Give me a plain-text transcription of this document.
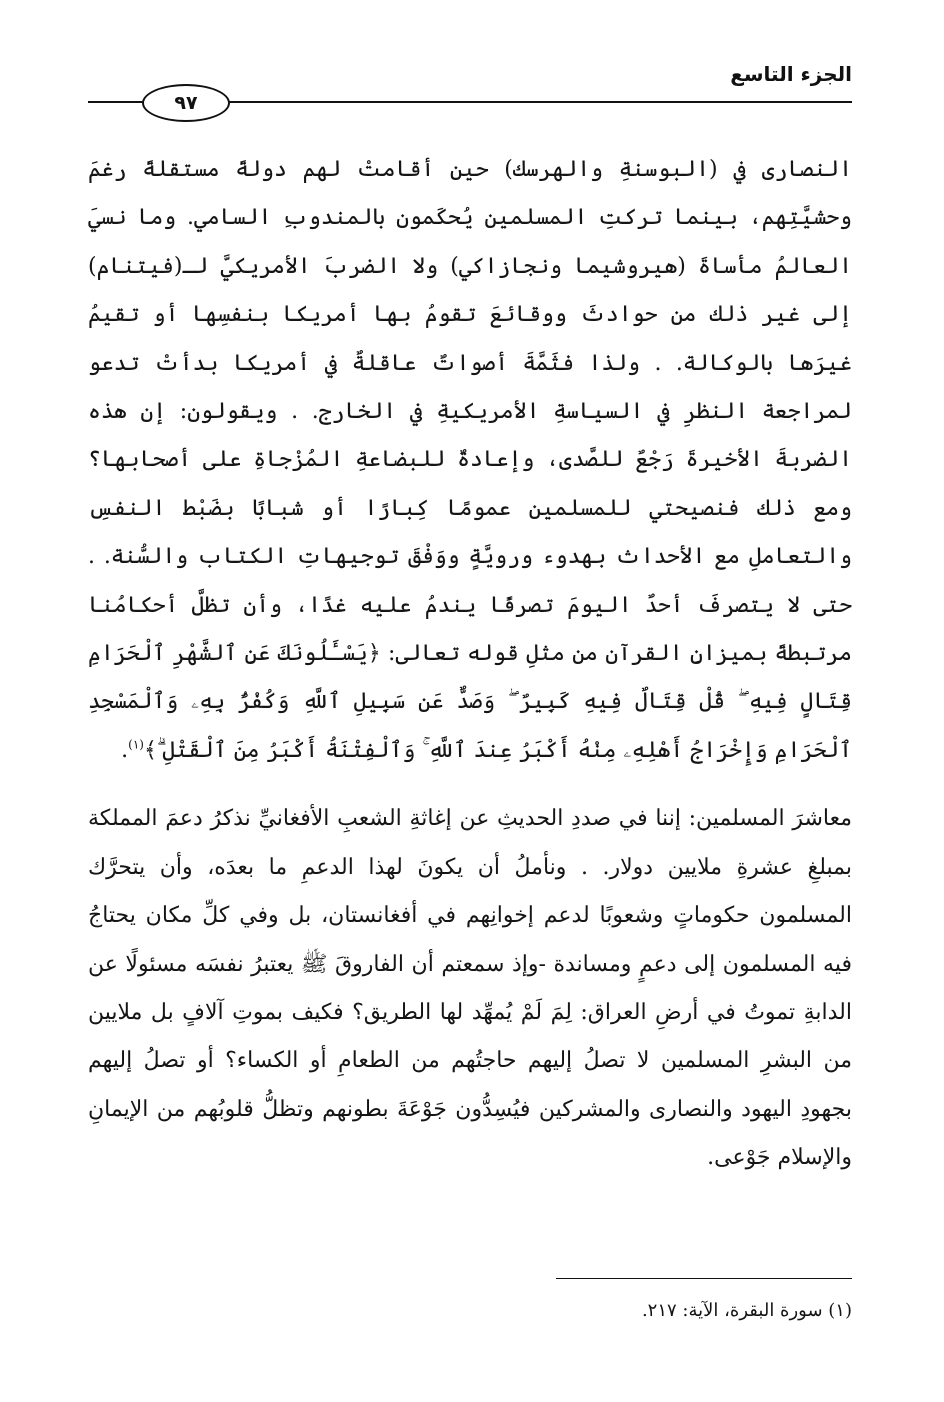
الجزء التاسع
٩٧

النصارى في (البوسنةِ والهرسك) حين أقامتْ لهم دولةً مستقلةً رغمَ وحشيَّتِهم، بينما تركتِ المسلمين يُحكَمون بالمندوبِ السامي. وما نسيَ العالمُ مأساةَ (هيروشيما ونجازاكي) ولا الضربَ الأمريكيَّ لـ(فيتنام) إلى غير ذلك من حوادثَ ووقائعَ تقومُ بها أمريكا بنفسِها أو تقيمُ غيرَها بالوكالة. . ولذا فثَمَّةَ أصواتٌ عاقلةٌ في أمريكا بدأتْ تدعو لمراجعة النظرِ في السياسةِ الأمريكيةِ في الخارج. . ويقولون: إن هذه الضربةَ الأخيرةَ رَجْعٌ للصَّدى، وإعادةٌ للبضاعةِ المُزْجاةِ على أصحابها؟ ومع ذلك فنصيحتي للمسلمين عمومًا كِبارًا أو شبابًا بضَبْط النفسِ والتعاملِ مع الأحداث بهدوء ورويَّةٍ ووَفْقَ توجيهاتِ الكتاب والسُّنة. . حتى لا يتصرفَ أحدٌ اليومَ تصرفًا يندمُ عليه غدًا، وأن تظلَّ أحكامُنا مرتبطةً بميزانِ القرآن من مثلِ قوله تعالى: ﴿يَسْـَٔلُونَكَ عَنِ ٱلشَّهْرِ ٱلْحَرَامِ قِتَالٍ فِيهِ ۖ قُلْ قِتَالٌ فِيهِ كَبِيرٌ ۖ وَصَدٌّ عَن سَبِيلِ ٱللَّهِ وَكُفْرٌۢ بِهِۦ وَٱلْمَسْجِدِ ٱلْحَرَامِ وَإِخْرَاجُ أَهْلِهِۦ مِنْهُ أَكْبَرُ عِندَ ٱللَّهِ ۚ وَٱلْفِتْنَةُ أَكْبَرُ مِنَ ٱلْقَتْلِ ۗ﴾$^{(١)}$.

معاشرَ المسلمين: إننا في صددِ الحديثِ عن إغاثةِ الشعبِ الأفغانيِّ نذكرُ دعمَ المملكة بمبلغِ عشرةِ ملايين دولار. . ونأملُ أن يكونَ لهذا الدعمِ ما بعدَه، وأن يتحرَّك المسلمون حكوماتٍ وشعوبًا لدعم إخوانِهم في أفغانستان، بل وفي كلِّ مكان يحتاجُ فيه المسلمون إلى دعمٍ ومساندة -وإذ سمعتم أن الفاروقَ ﷺ يعتبرُ نفسَه مسئولًا عن الدابةِ تموتُ في أرضِ العراق: لِمَ لَمْ يُمهِّد لها الطريق؟ فكيف بموتِ آلافٍ بل ملايين من البشرِ المسلمين لا تصلُ إليهم حاجتُهم من الطعامِ أو الكساء؟ أو تصلُ إليهم بجهودِ اليهود والنصارى والمشركين فيُسِدُّون جَوْعَةَ بطونهم وتظلُّ قلوبُهم من الإيمانِ والإسلام جَوْعى.

(١) سورة البقرة، الآية: ٢١٧.
